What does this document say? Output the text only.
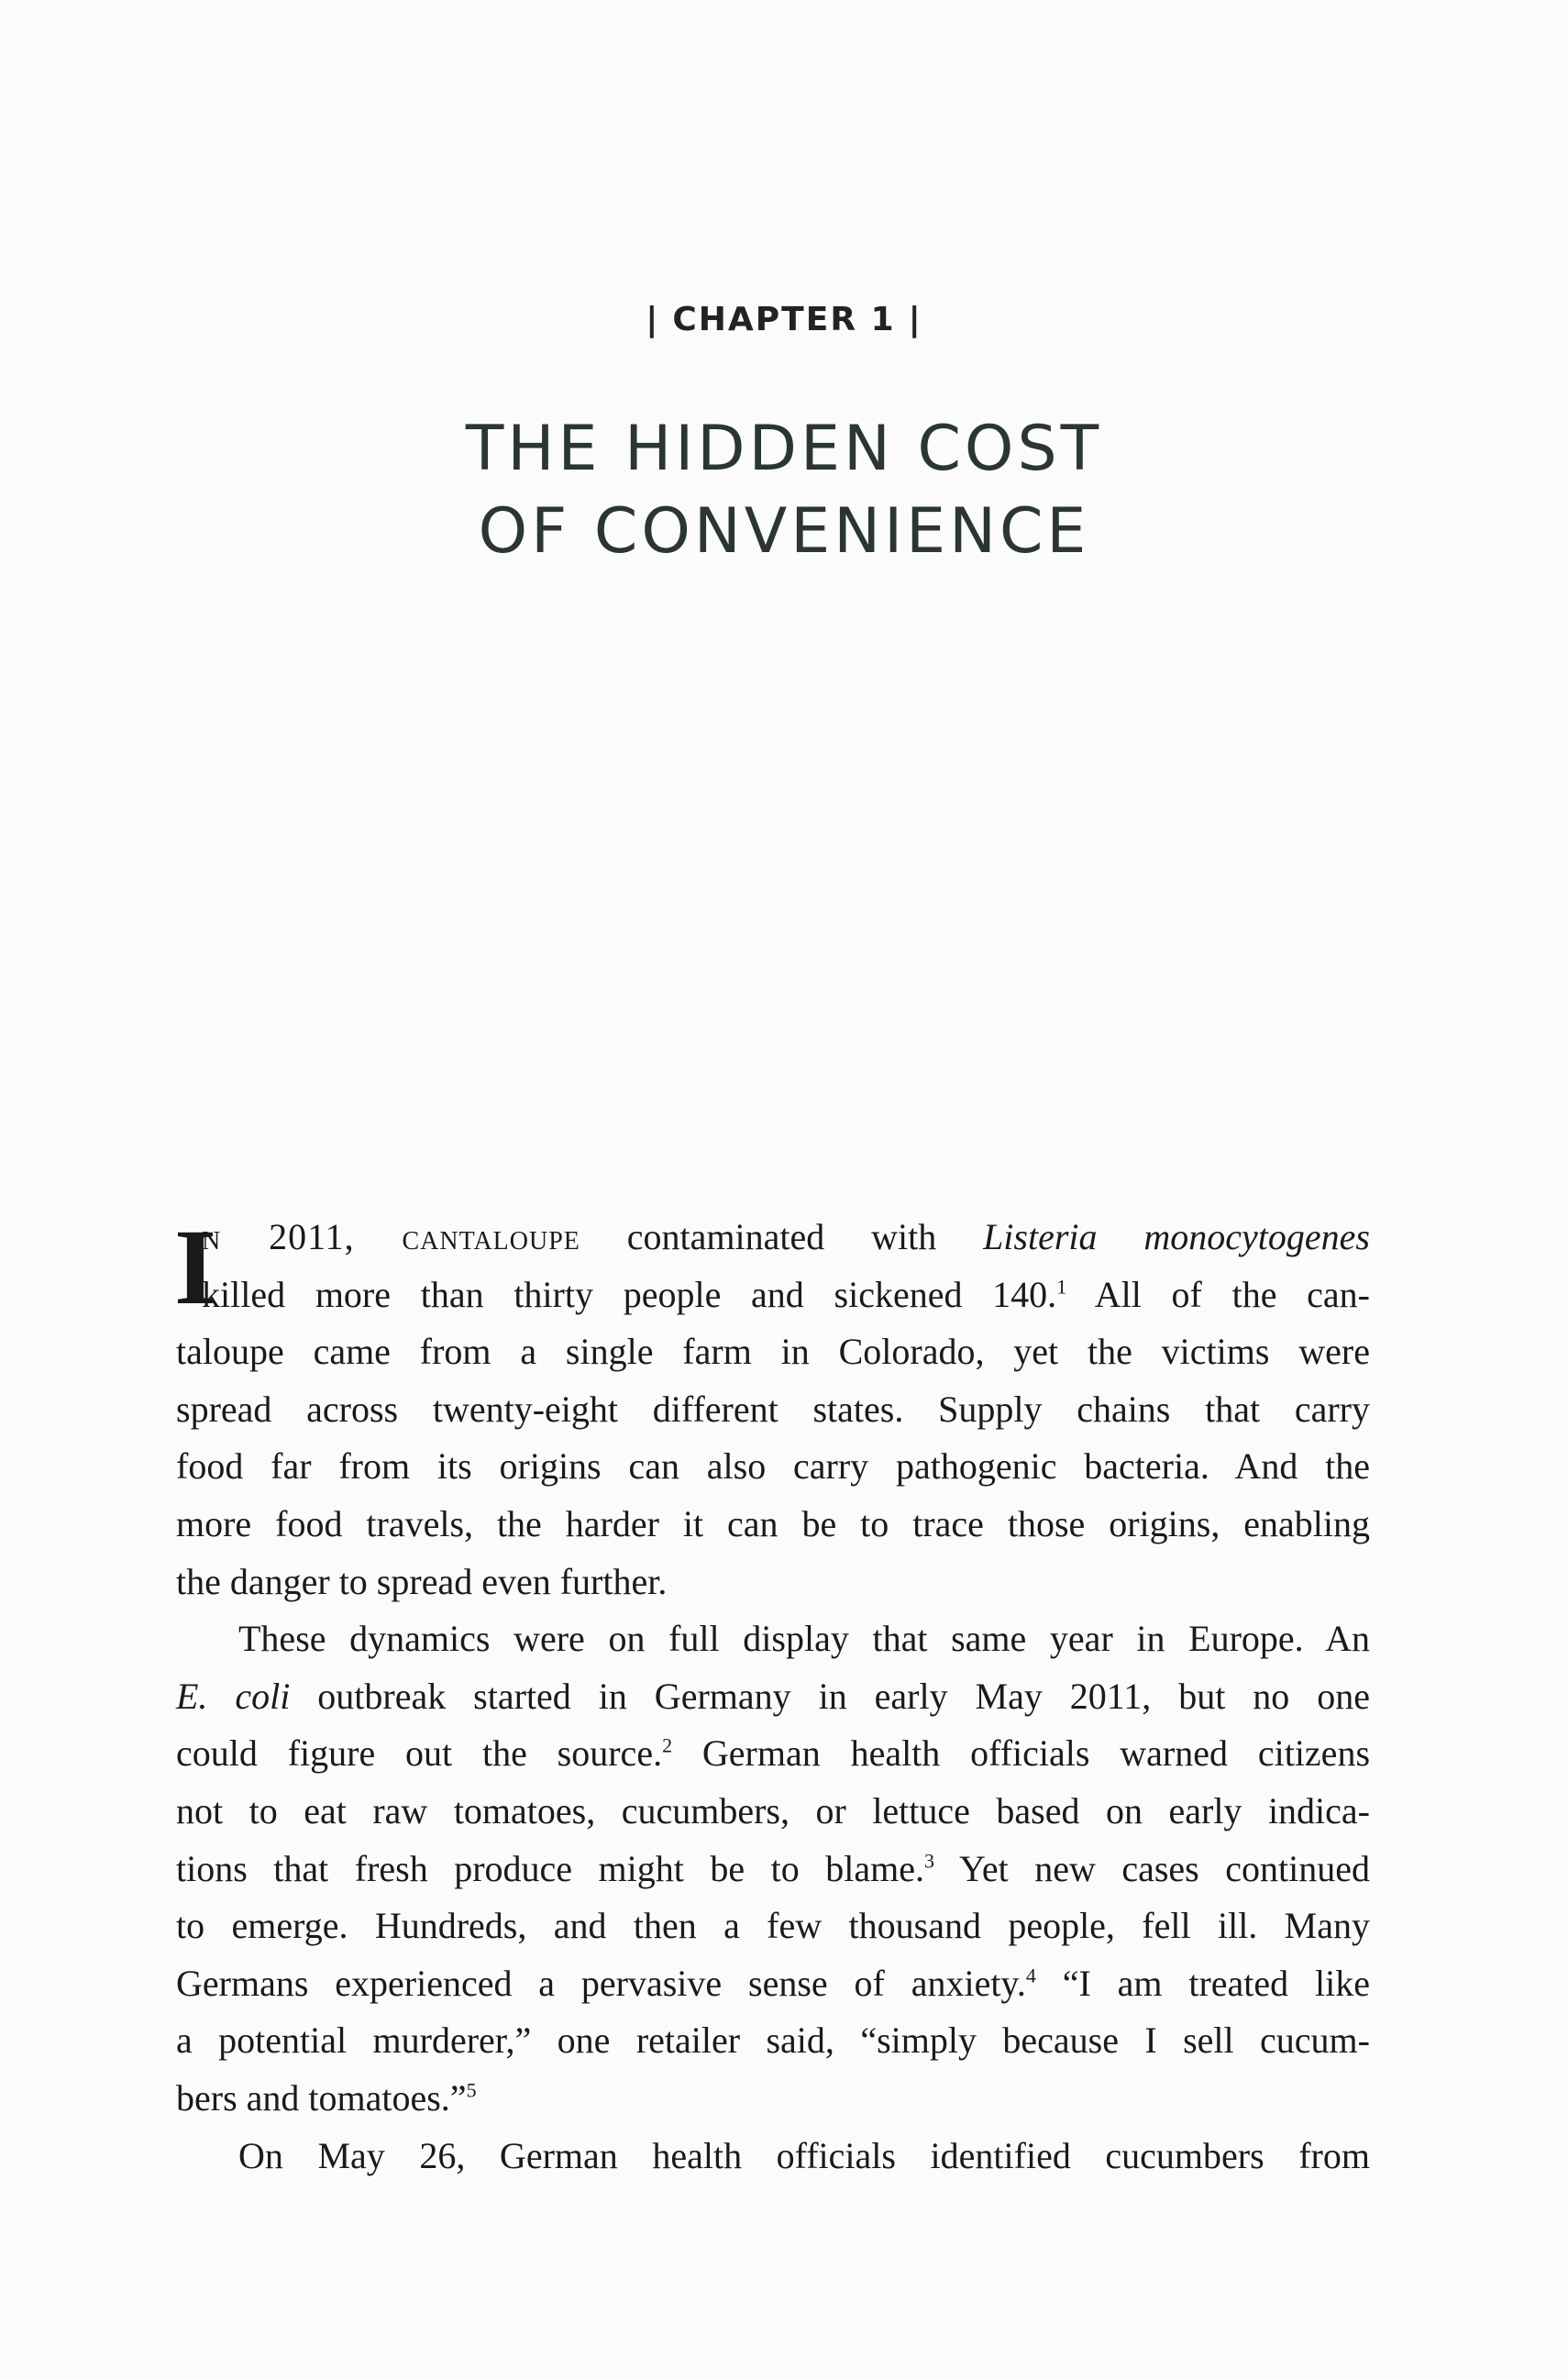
| CHAPTER 1 |
THE HIDDEN COST
OF CONVENIENCE
I
n 2011, cantaloupe contaminated with Listeria monocytogenes
killed more than thirty people and sickened 140.$^1$ All of the can-
taloupe came from a single farm in Colorado, yet the victims were
spread across twenty-eight different states. Supply chains that carry
food far from its origins can also carry pathogenic bacteria. And the
more food travels, the harder it can be to trace those origins, enabling
the danger to spread even further.
These dynamics were on full display that same year in Europe. An
E. coli outbreak started in Germany in early May 2011, but no one
could figure out the source.$^2$ German health officials warned citizens
not to eat raw tomatoes, cucumbers, or lettuce based on early indica-
tions that fresh produce might be to blame.$^3$ Yet new cases continued
to emerge. Hundreds, and then a few thousand people, fell ill. Many
Germans experienced a pervasive sense of anxiety.$^4$ “I am treated like
a potential murderer,” one retailer said, “simply because I sell cucum-
bers and tomatoes.”$^5$
On May 26, German health officials identified cucumbers from
